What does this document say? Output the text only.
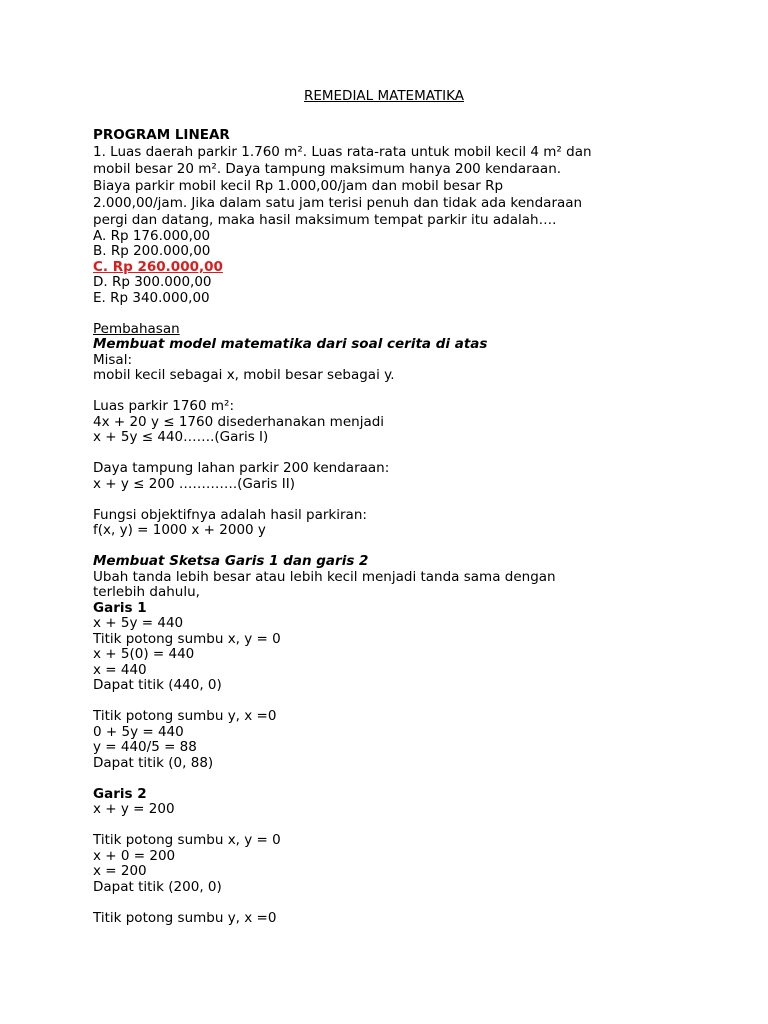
REMEDIAL MATEMATIKA
PROGRAM LINEAR
1. Luas daerah parkir 1.760 m². Luas rata-rata untuk mobil kecil 4 m² dan
mobil besar 20 m². Daya tampung maksimum hanya 200 kendaraan.
Biaya parkir mobil kecil Rp 1.000,00/jam dan mobil besar Rp
2.000,00/jam. Jika dalam satu jam terisi penuh dan tidak ada kendaraan
pergi dan datang, maka hasil maksimum tempat parkir itu adalah….
A. Rp 176.000,00
B. Rp 200.000,00
C. Rp 260.000,00
D. Rp 300.000,00
E. Rp 340.000,00
Pembahasan
Membuat model matematika dari soal cerita di atas
Misal:
mobil kecil sebagai x, mobil besar sebagai y.
Luas parkir 1760 m²:
4x + 20 y ≤ 1760 disederhanakan menjadi
x + 5y ≤ 440…….(Garis I)
Daya tampung lahan parkir 200 kendaraan:
x + y ≤ 200 ………….(Garis II)
Fungsi objektifnya adalah hasil parkiran:
f(x, y) = 1000 x + 2000 y
Membuat Sketsa Garis 1 dan garis 2
Ubah tanda lebih besar atau lebih kecil menjadi tanda sama dengan
terlebih dahulu,
Garis 1
x + 5y = 440
Titik potong sumbu x, y = 0
x + 5(0) = 440
x = 440
Dapat titik (440, 0)
Titik potong sumbu y, x =0
0 + 5y = 440
y = 440/5 = 88
Dapat titik (0, 88)
Garis 2
x + y = 200
Titik potong sumbu x, y = 0
x + 0 = 200
x = 200
Dapat titik (200, 0)
Titik potong sumbu y, x =0
